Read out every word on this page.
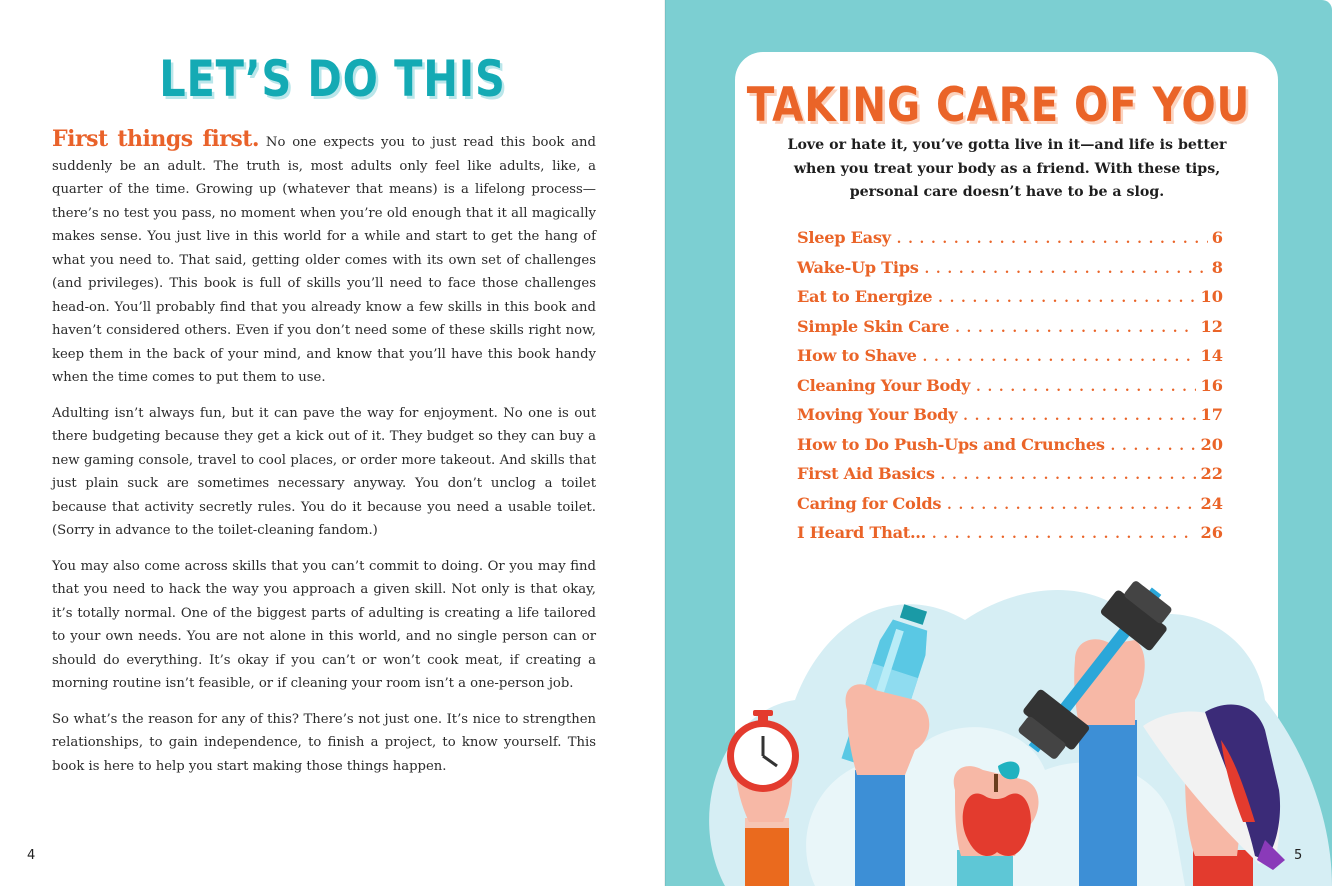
LET’S DO THIS

First things first. No one expects you to just read this book and suddenly be an adult. The truth is, most adults only feel like adults, like, a quarter of the time. Growing up (whatever that means) is a lifelong process—there’s no test you pass, no moment when you’re old enough that it all magically makes sense. You just live in this world for a while and start to get the hang of what you need to. That said, getting older comes with its own set of challenges (and privileges). This book is full of skills you’ll need to face those challenges head-on. You’ll probably find that you already know a few skills in this book and haven’t considered others. Even if you don’t need some of these skills right now, keep them in the back of your mind, and know that you’ll have this book handy when the time comes to put them to use.

Adulting isn’t always fun, but it can pave the way for enjoyment. No one is out there budgeting because they get a kick out of it. They budget so they can buy a new gaming console, travel to cool places, or order more takeout. And skills that just plain suck are sometimes necessary anyway. You don’t unclog a toilet because that activity secretly rules. You do it because you need a usable toilet. (Sorry in advance to the toilet-cleaning fandom.)

You may also come across skills that you can’t commit to doing. Or you may find that you need to hack the way you approach a given skill. Not only is that okay, it’s totally normal. One of the biggest parts of adulting is creating a life tailored to your own needs. You are not alone in this world, and no single person can or should do everything. It’s okay if you can’t or won’t cook meat, if creating a morning routine isn’t feasible, or if cleaning your room isn’t a one-person job.

So what’s the reason for any of this? There’s not just one. It’s nice to strengthen relationships, to gain independence, to finish a project, to know yourself. This book is here to help you start making those things happen.

4
TAKING CARE OF YOU

Love or hate it, you’ve gotta live in it—and life is better when you treat your body as a friend. With these tips, personal care doesn’t have to be a slog.

Sleep Easy . . .	6
Wake-Up Tips . . .	8
Eat to Energize . . .	10
Simple Skin Care . . .	12
How to Shave . . .	14
Cleaning Your Body . . .	16
Moving Your Body . . .	17
How to Do Push-Ups and Crunches . . .	20
First Aid Basics . . .	22
Caring for Colds . . .	24
I Heard That... . . .	26
5
